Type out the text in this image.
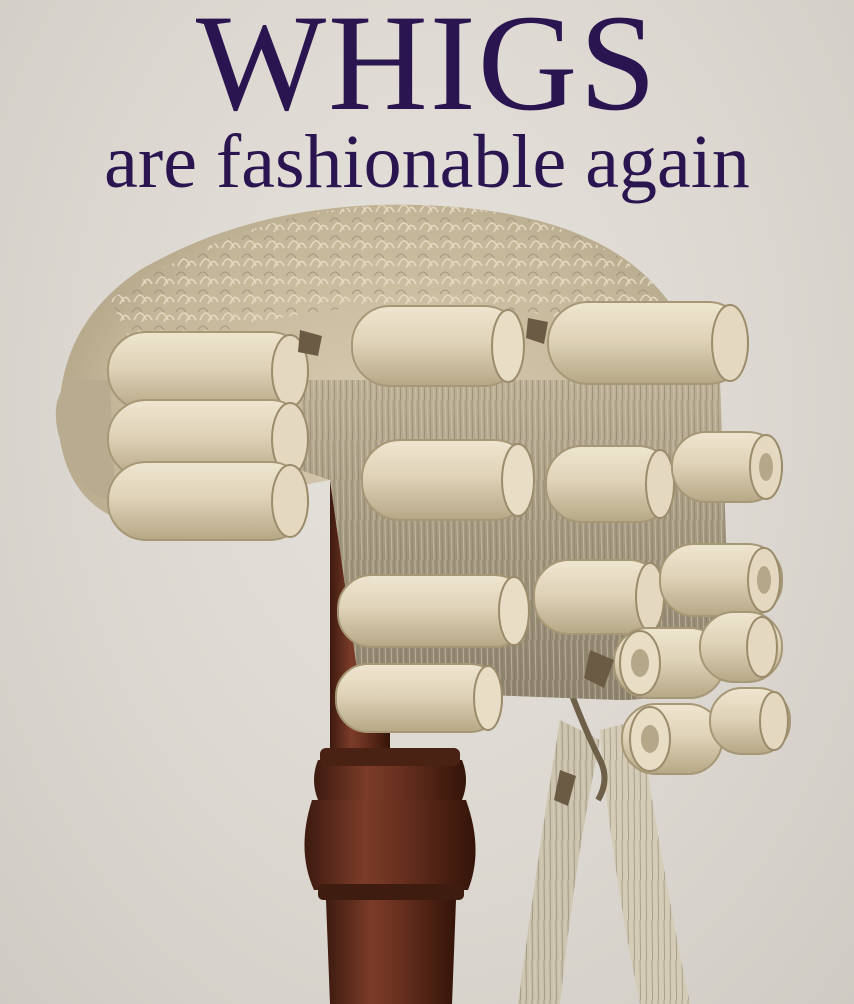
WHIGS
are fashionable again
